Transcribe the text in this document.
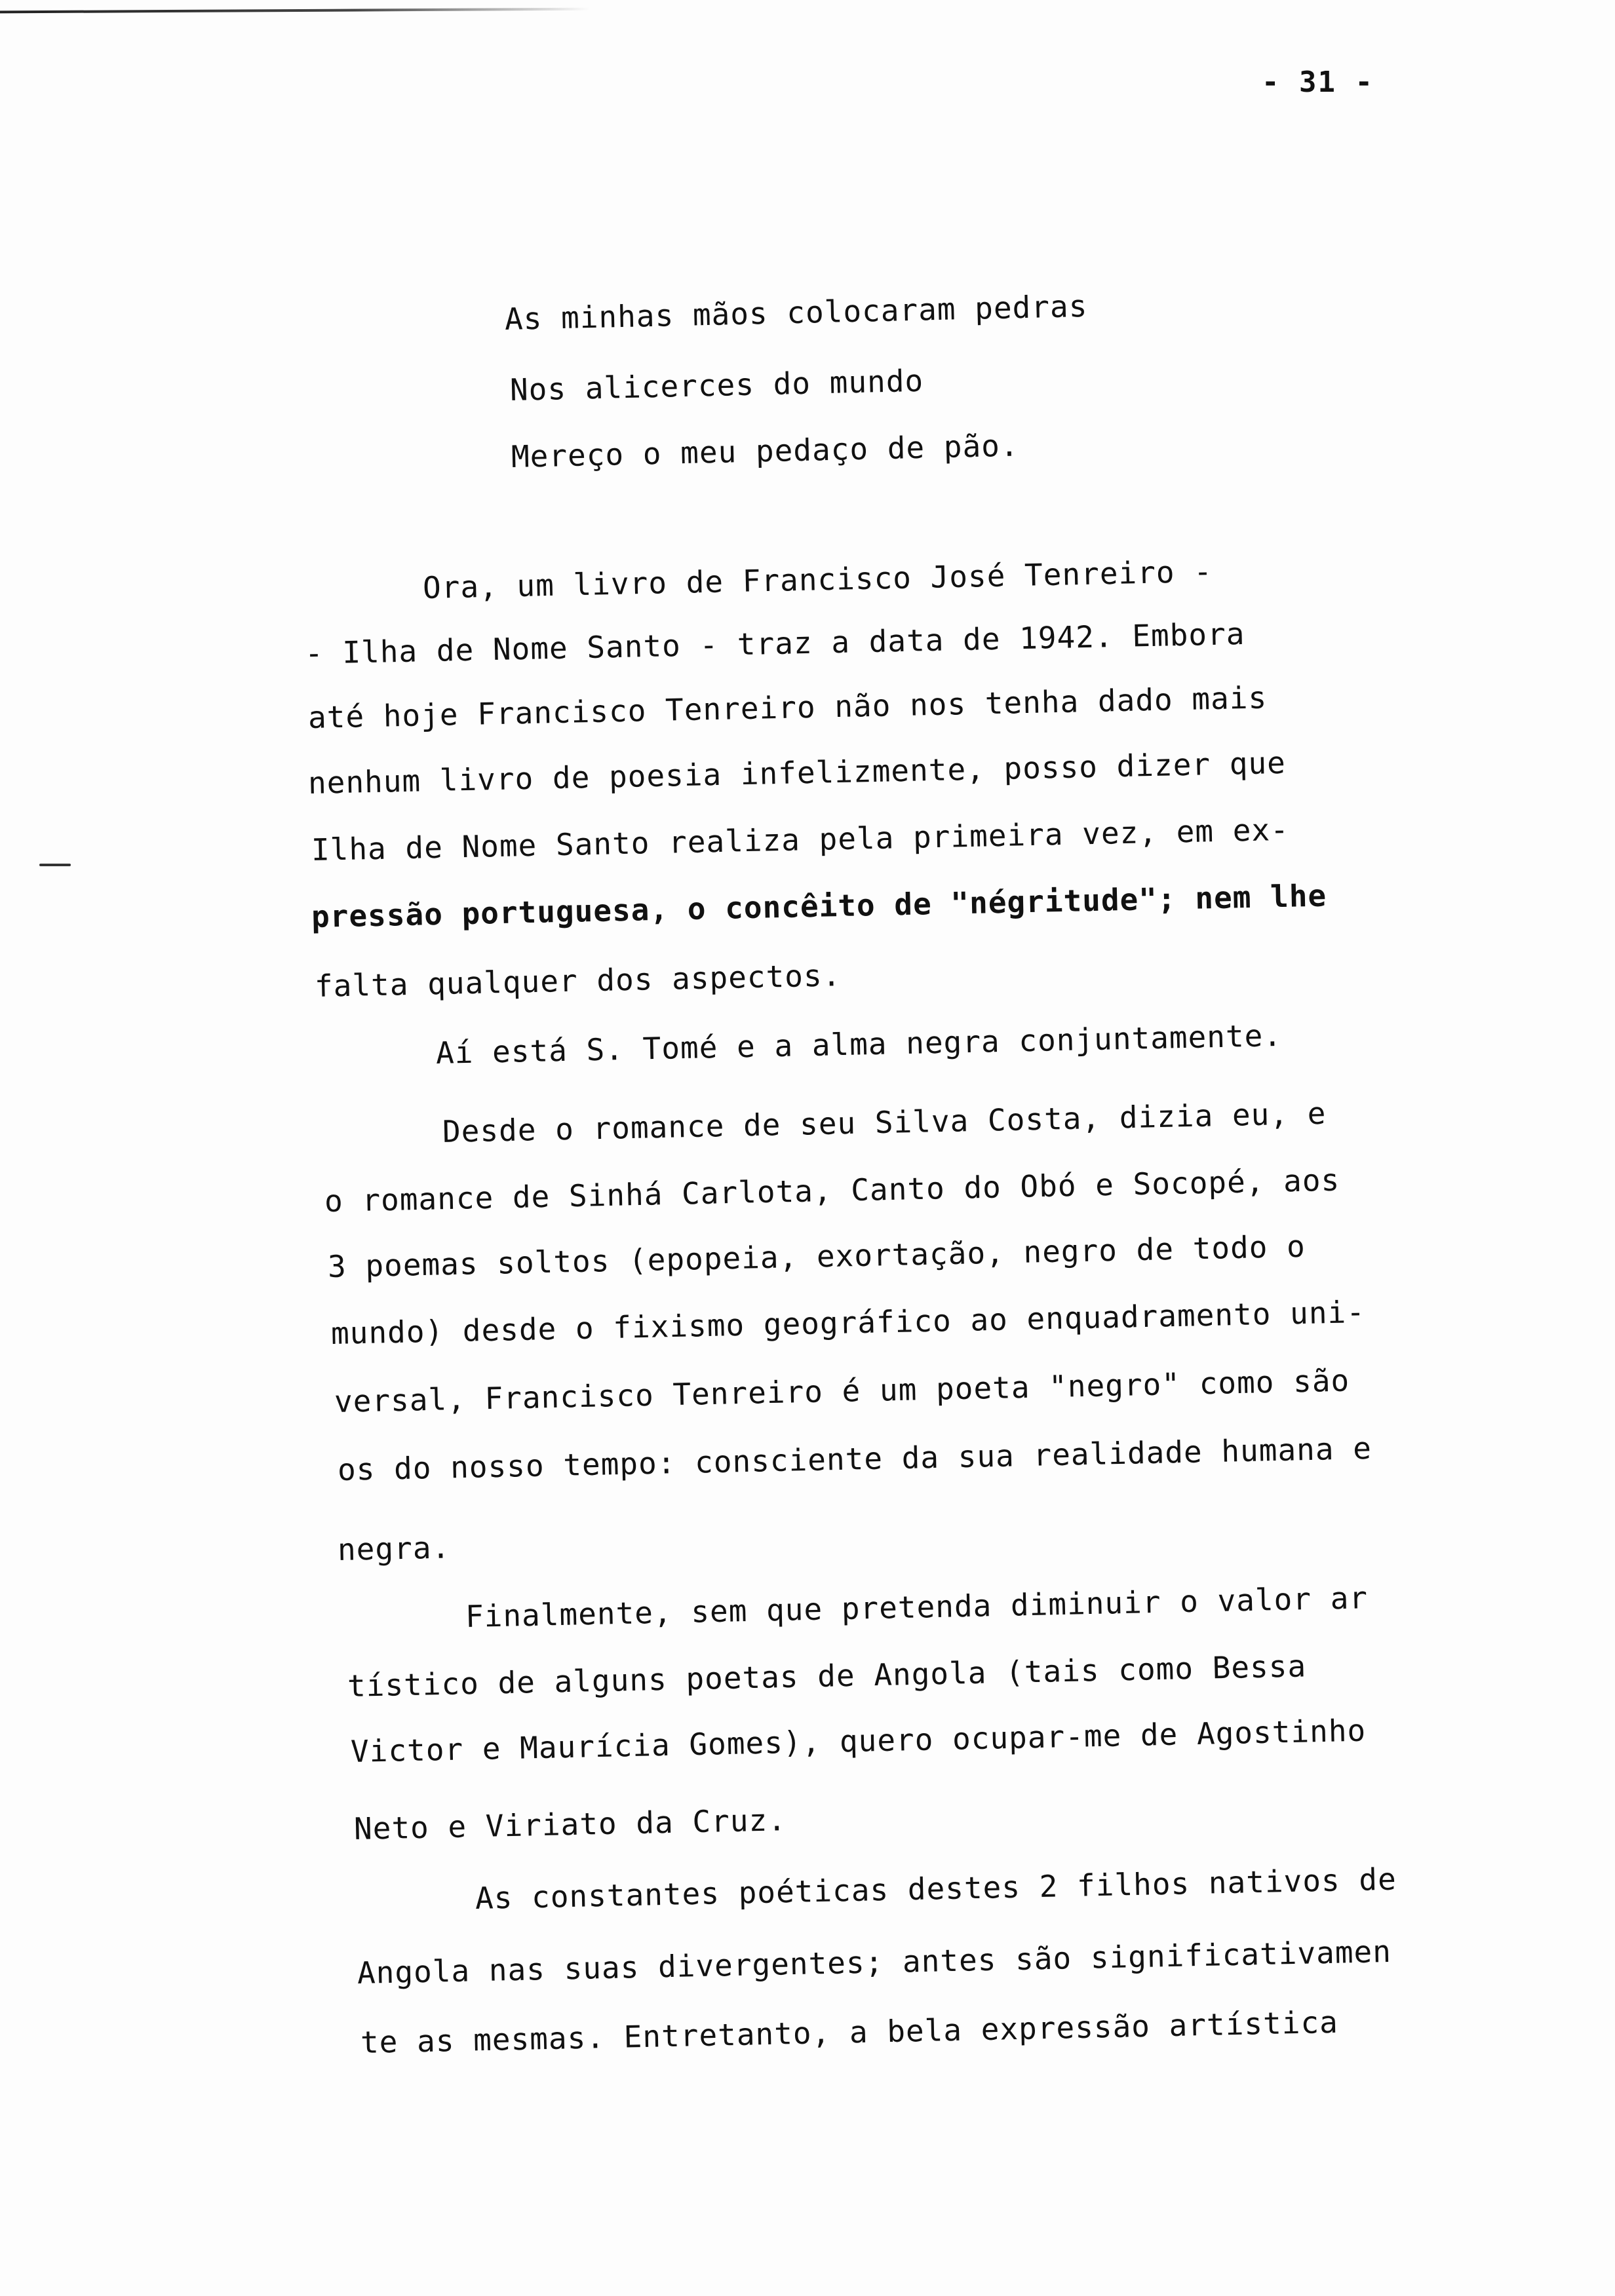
- 31 -
As minhas mãos colocaram pedras
Nos alicerces do mundo
Mereço o meu pedaço de pão.
Ora, um livro de Francisco José Tenreiro -
- Ilha de Nome Santo - traz a data de 1942. Embora
até hoje Francisco Tenreiro não nos tenha dado mais
nenhum livro de poesia infelizmente, posso dizer que
Ilha de Nome Santo realiza pela primeira vez, em ex-
pressão portuguesa, o concêito de "négritude"; nem lhe
falta qualquer dos aspectos.
Aí está S. Tomé e a alma negra conjuntamente.
Desde o romance de seu Silva Costa, dizia eu, e
o romance de Sinhá Carlota, Canto do Obó e Socopé, aos
3 poemas soltos (epopeia, exortação, negro de todo o
mundo) desde o fixismo geográfico ao enquadramento uni-
versal, Francisco Tenreiro é um poeta "negro" como são
os do nosso tempo: consciente da sua realidade humana e
negra.
Finalmente, sem que pretenda diminuir o valor ar
tístico de alguns poetas de Angola (tais como Bessa
Victor e Maurícia Gomes), quero ocupar-me de Agostinho
Neto e Viriato da Cruz.
As constantes poéticas destes 2 filhos nativos de
Angola nas suas divergentes; antes são significativamen
te as mesmas. Entretanto, a bela expressão artística
